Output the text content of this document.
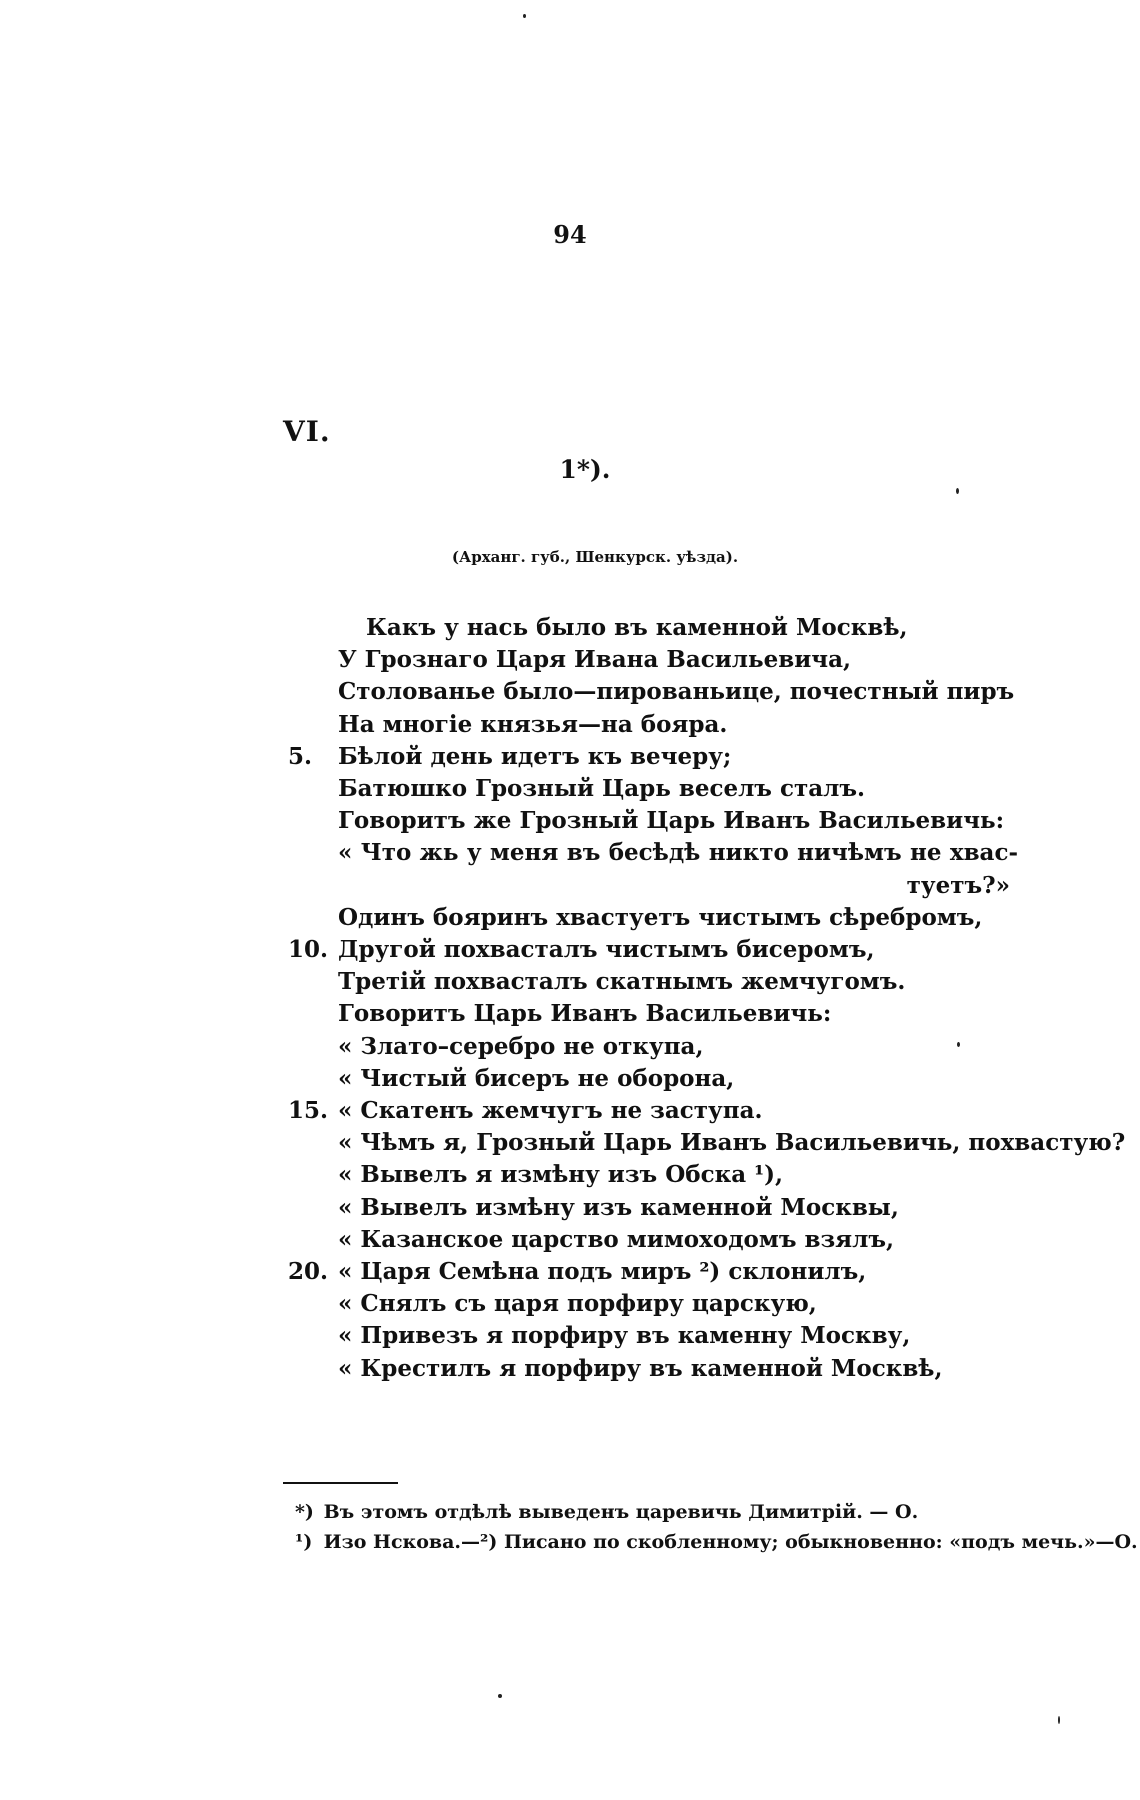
94
VI.
1*).
(Арханг. губ., Шенкурск. уѣзда).
Какъ у нась было въ каменной Москвѣ,
У Грознаго Царя Ивана Васильевича,
Столованье было—пированьице, почестный пиръ
На многіе князья—на бояра.
5.	Бѣлой день идетъ къ вечеру;
Батюшко Грозный Царь веселъ сталъ.
Говоритъ же Грозный Царь Иванъ Васильевичь:
« Что жь у меня въ бесѣдѣ никто ничѣмъ не хвас-
туетъ?»
Одинъ бояринъ хвастуетъ чистымъ сѣребромъ,
10. Другой похвасталъ чистымъ бисеромъ,
Третій похвасталъ скатнымъ жемчугомъ.
Говоритъ Царь Иванъ Васильевичь:
« Злато–серебро не откупа,
« Чистый бисеръ не оборона,
15. « Скатенъ жемчугъ не заступа.
« Чѣмъ я, Грозный Царь Иванъ Васильевичь, похвастую?
« Вывелъ я измѣну изъ Обска ¹),
« Вывелъ измѣну изъ каменной Москвы,
« Казанское царство мимоходомъ взялъ,
20. « Царя Семѣна подъ миръ ²) склонилъ,
« Снялъ съ царя порфиру царскую,
« Привезъ я порфиру въ каменну Москву,
« Крестилъ я порфиру въ каменной Москвѣ,
*) Въ этомъ отдѣлѣ выведенъ царевичь Димитрій. — О.
¹) Изо Нскова.—²) Писано по скобленному; обыкновенно: «подъ мечь.»—О.
